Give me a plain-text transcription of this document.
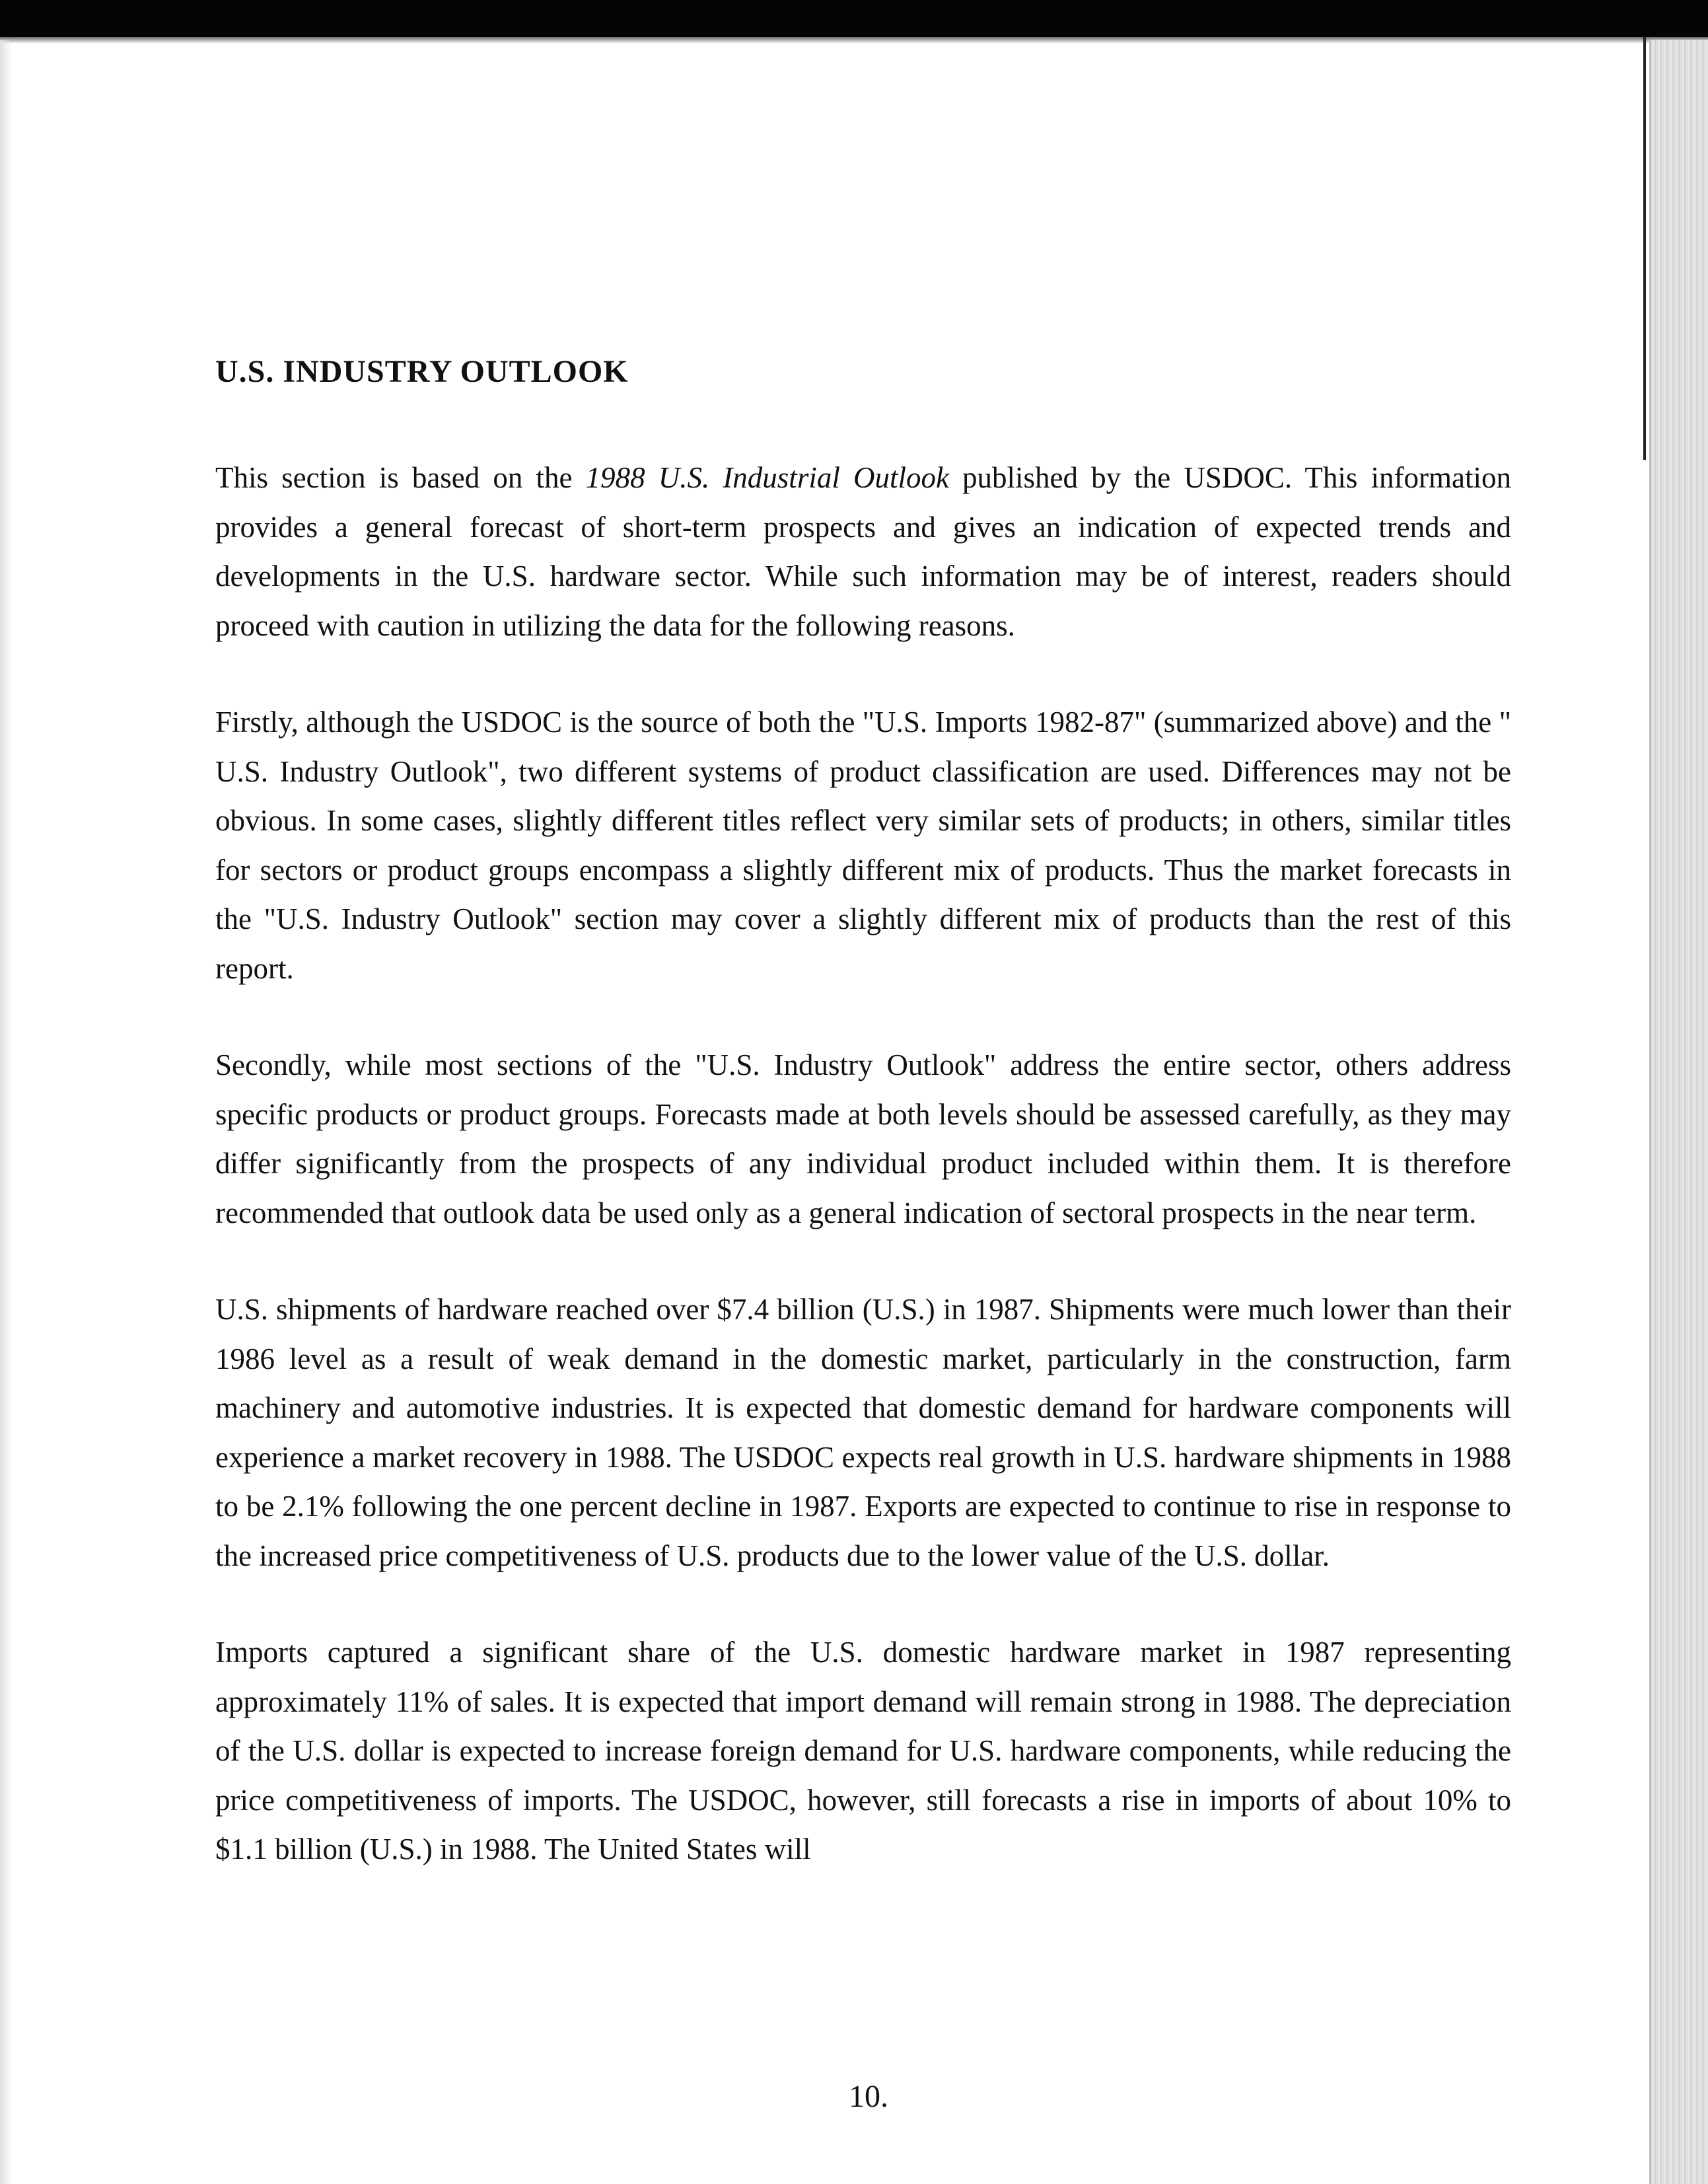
U.S. INDUSTRY OUTLOOK

This section is based on the 1988 U.S. Industrial Outlook published by the USDOC. This information provides a general forecast of short-term prospects and gives an indication of expected trends and developments in the U.S. hardware sector. While such information may be of interest, readers should proceed with caution in utilizing the data for the following reasons.

Firstly, although the USDOC is the source of both the "U.S. Imports 1982-87" (summarized above) and the " U.S. Industry Outlook", two different systems of product classification are used. Differences may not be obvious. In some cases, slightly different titles reflect very similar sets of products; in others, similar titles for sectors or product groups encompass a slightly different mix of products. Thus the market forecasts in the "U.S. Industry Outlook" section may cover a slightly different mix of products than the rest of this report.

Secondly, while most sections of the "U.S. Industry Outlook" address the entire sector, others address specific products or product groups. Forecasts made at both levels should be assessed carefully, as they may differ significantly from the prospects of any individual product included within them. It is therefore recommended that outlook data be used only as a general indication of sectoral prospects in the near term.

U.S. shipments of hardware reached over $7.4 billion (U.S.) in 1987. Shipments were much lower than their 1986 level as a result of weak demand in the domestic market, particularly in the construction, farm machinery and automotive industries. It is expected that domestic demand for hardware components will experience a market recovery in 1988. The USDOC expects real growth in U.S. hardware shipments in 1988 to be 2.1% following the one percent decline in 1987. Exports are expected to continue to rise in response to the increased price competitiveness of U.S. products due to the lower value of the U.S. dollar.

Imports captured a significant share of the U.S. domestic hardware market in 1987 representing approximately 11% of sales. It is expected that import demand will remain strong in 1988. The depreciation of the U.S. dollar is expected to increase foreign demand for U.S. hardware components, while reducing the price competitiveness of imports. The USDOC, however, still forecasts a rise in imports of about 10% to $1.1 billion (U.S.) in 1988. The United States will

10.
